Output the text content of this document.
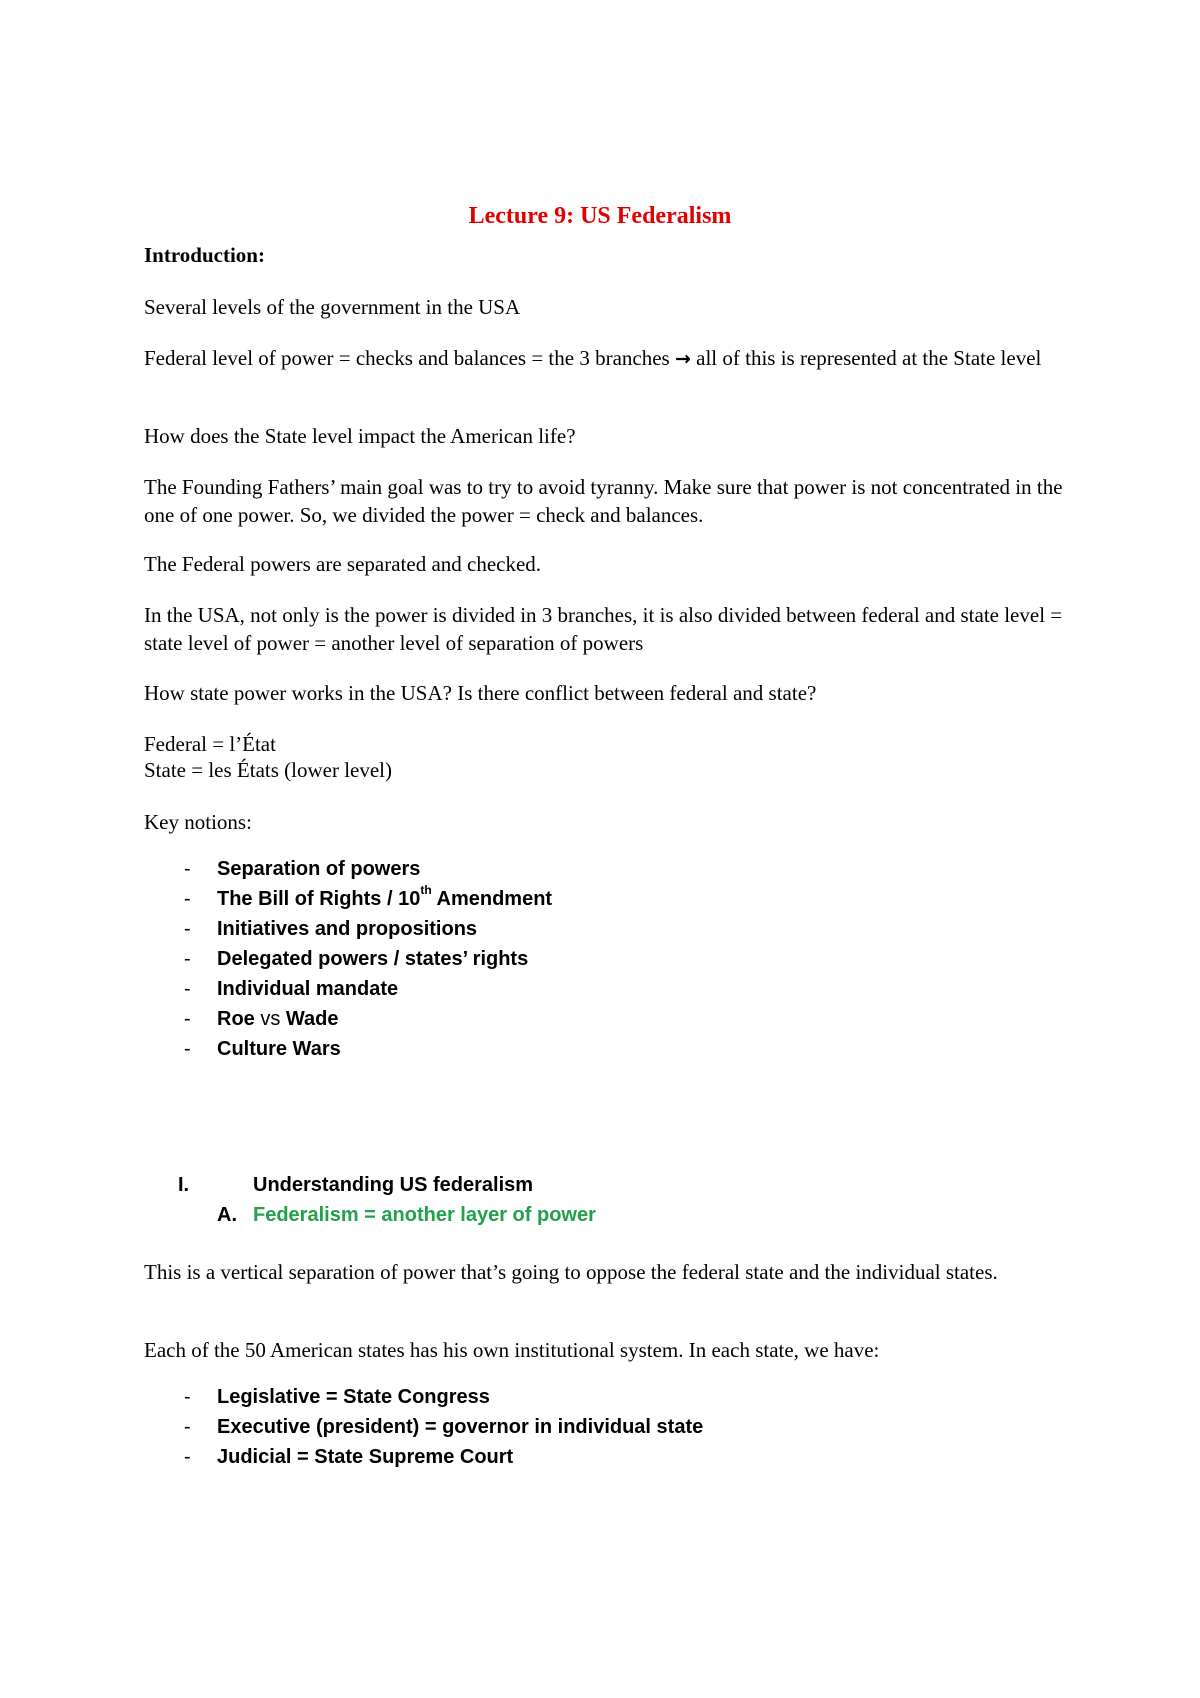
Lecture 9: US Federalism
Introduction:
Several levels of the government in the USA
Federal level of power = checks and balances = the 3 branches → all of this is represented at the State level
How does the State level impact the American life?
The Founding Fathers’ main goal was to try to avoid tyranny. Make sure that power is not concentrated in the one of one power. So, we divided the power = check and balances.
The Federal powers are separated and checked.
In the USA, not only is the power is divided in 3 branches, it is also divided between federal and state level = state level of power = another level of separation of powers
How state power works in the USA? Is there conflict between federal and state?
Federal = l’État
State = les États (lower level)
Key notions:
- Separation of powers
- The Bill of Rights / 10th Amendment
- Initiatives and propositions
- Delegated powers / states’ rights
- Individual mandate
- Roe vs Wade
- Culture Wars
I.	Understanding US federalism
A. Federalism = another layer of power
This is a vertical separation of power that’s going to oppose the federal state and the individual states.
Each of the 50 American states has his own institutional system. In each state, we have:
- Legislative = State Congress
- Executive (president) = governor in individual state
- Judicial = State Supreme Court
